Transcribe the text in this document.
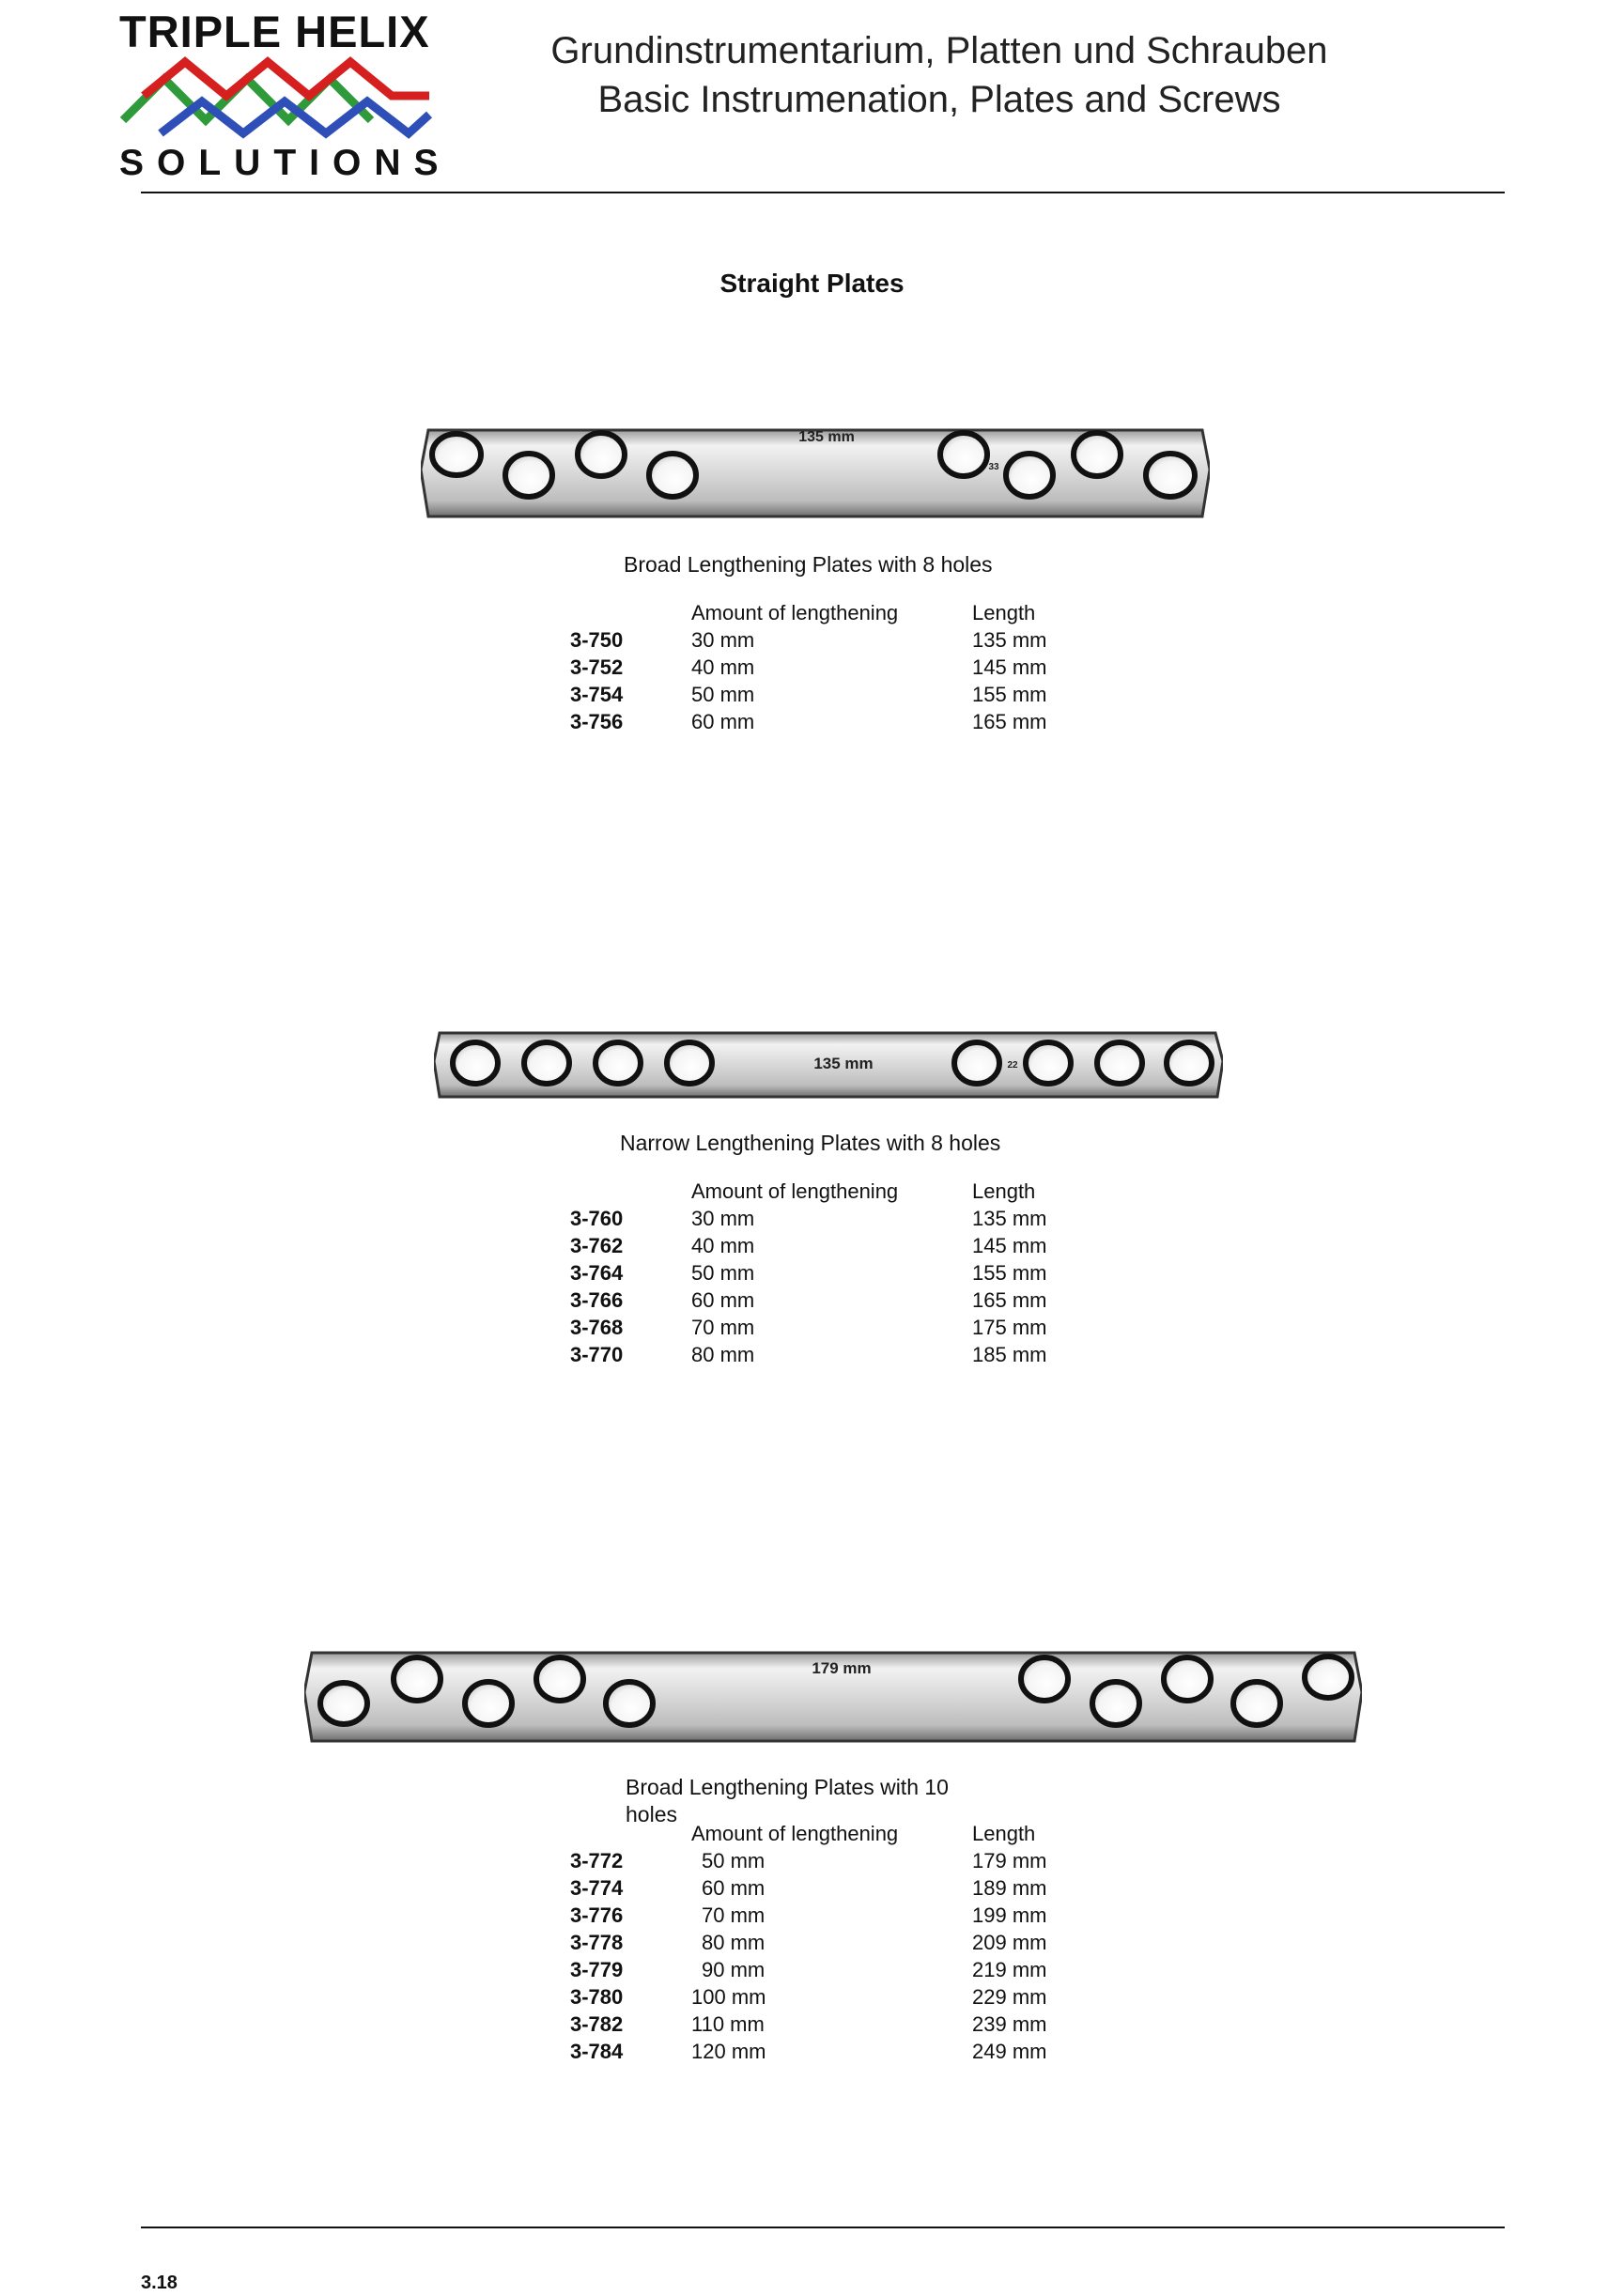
TRIPLE HELIX
SOLUTIONS
Grundinstrumentarium, Platten und Schrauben
Basic Instrumenation, Plates and Screws
Straight Plates
135 mm
33
Broad Lengthening Plates with 8 holes
Amount of lengthening	Length
3-750	30 mm	135 mm
3-752	40 mm	145 mm
3-754	50 mm	155 mm
3-756	60 mm	165 mm
135 mm	22
Narrow Lengthening Plates with 8 holes
Amount of lengthening	Length
3-760	30 mm	135 mm
3-762	40 mm	145 mm
3-764	50 mm	155 mm
3-766	60 mm	165 mm
3-768	70 mm	175 mm
3-770	80 mm	185 mm
179 mm
Broad Lengthening Plates with 10
holes
Amount of lengthening	Length
3-772	50 mm	179 mm
3-774	60 mm	189 mm
3-776	70 mm	199 mm
3-778	80 mm	209 mm
3-779	90 mm	219 mm
3-780	100 mm	229 mm
3-782	110 mm	239 mm
3-784	120 mm	249 mm
3.18
